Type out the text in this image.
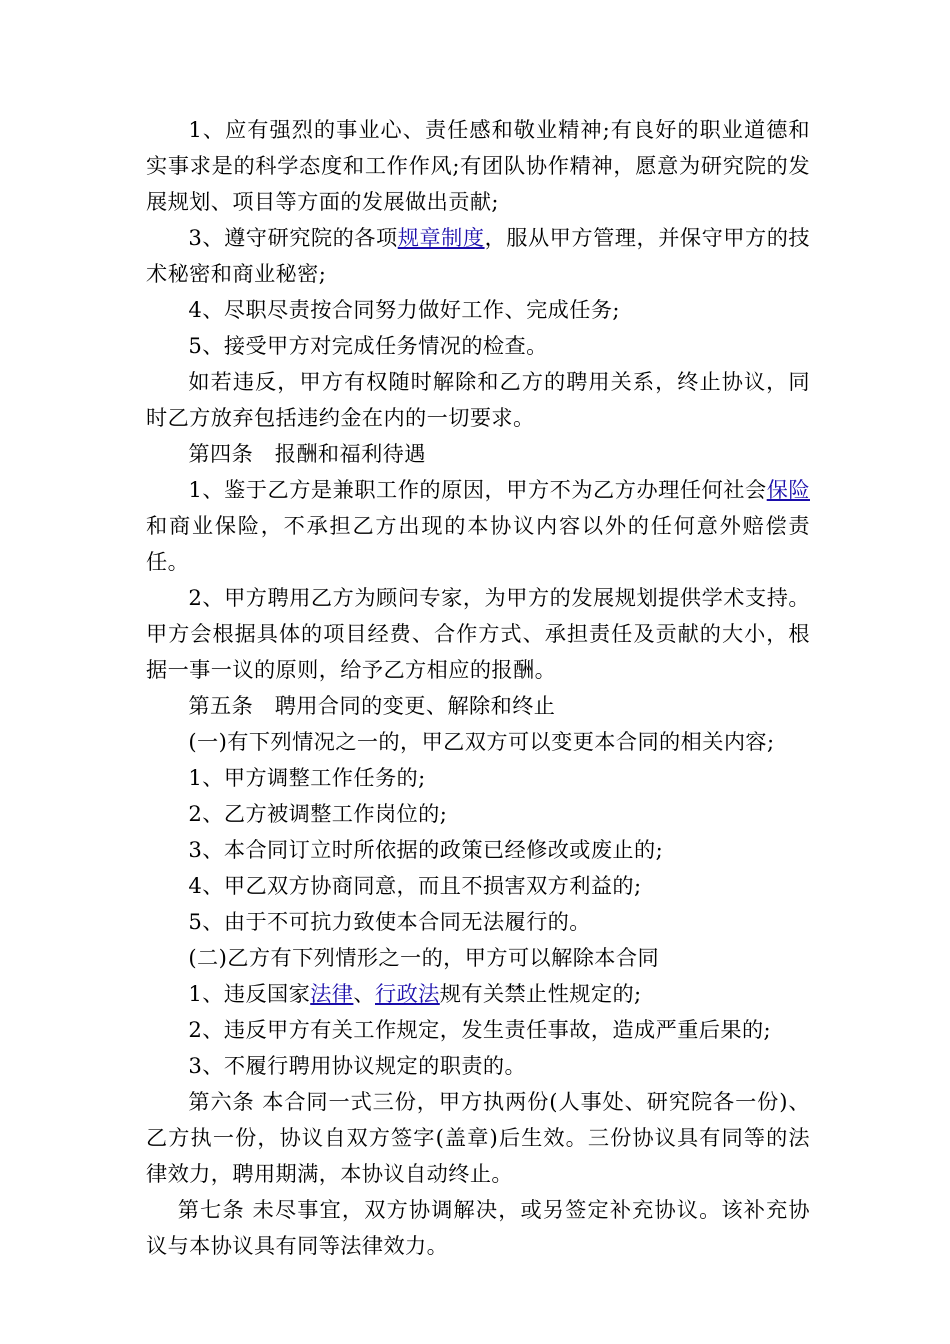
1、应有强烈的事业心、责任感和敬业精神;有良好的职业道德和实事求是的科学态度和工作作风;有团队协作精神，愿意为研究院的发展规划、项目等方面的发展做出贡献;

3、遵守研究院的各项规章制度，服从甲方管理，并保守甲方的技术秘密和商业秘密;

4、尽职尽责按合同努力做好工作、完成任务;

5、接受甲方对完成任务情况的检查。

如若违反，甲方有权随时解除和乙方的聘用关系，终止协议，同时乙方放弃包括违约金在内的一切要求。

第四条　报酬和福利待遇

1、鉴于乙方是兼职工作的原因，甲方不为乙方办理任何社会保险和商业保险，不承担乙方出现的本协议内容以外的任何意外赔偿责任。

2、甲方聘用乙方为顾问专家，为甲方的发展规划提供学术支持。甲方会根据具体的项目经费、合作方式、承担责任及贡献的大小，根据一事一议的原则，给予乙方相应的报酬。

第五条　聘用合同的变更、解除和终止

(一)有下列情况之一的，甲乙双方可以变更本合同的相关内容;

1、甲方调整工作任务的;

2、乙方被调整工作岗位的;

3、本合同订立时所依据的政策已经修改或废止的;

4、甲乙双方协商同意，而且不损害双方利益的;

5、由于不可抗力致使本合同无法履行的。

(二)乙方有下列情形之一的，甲方可以解除本合同

1、违反国家法律、行政法规有关禁止性规定的;

2、违反甲方有关工作规定，发生责任事故，造成严重后果的;

3、不履行聘用协议规定的职责的。

第六条 本合同一式三份，甲方执两份(人事处、研究院各一份)、乙方执一份，协议自双方签字(盖章)后生效。三份协议具有同等的法律效力，聘用期满，本协议自动终止。

第七条 未尽事宜，双方协调解决，或另签定补充协议。该补充协议与本协议具有同等法律效力。
